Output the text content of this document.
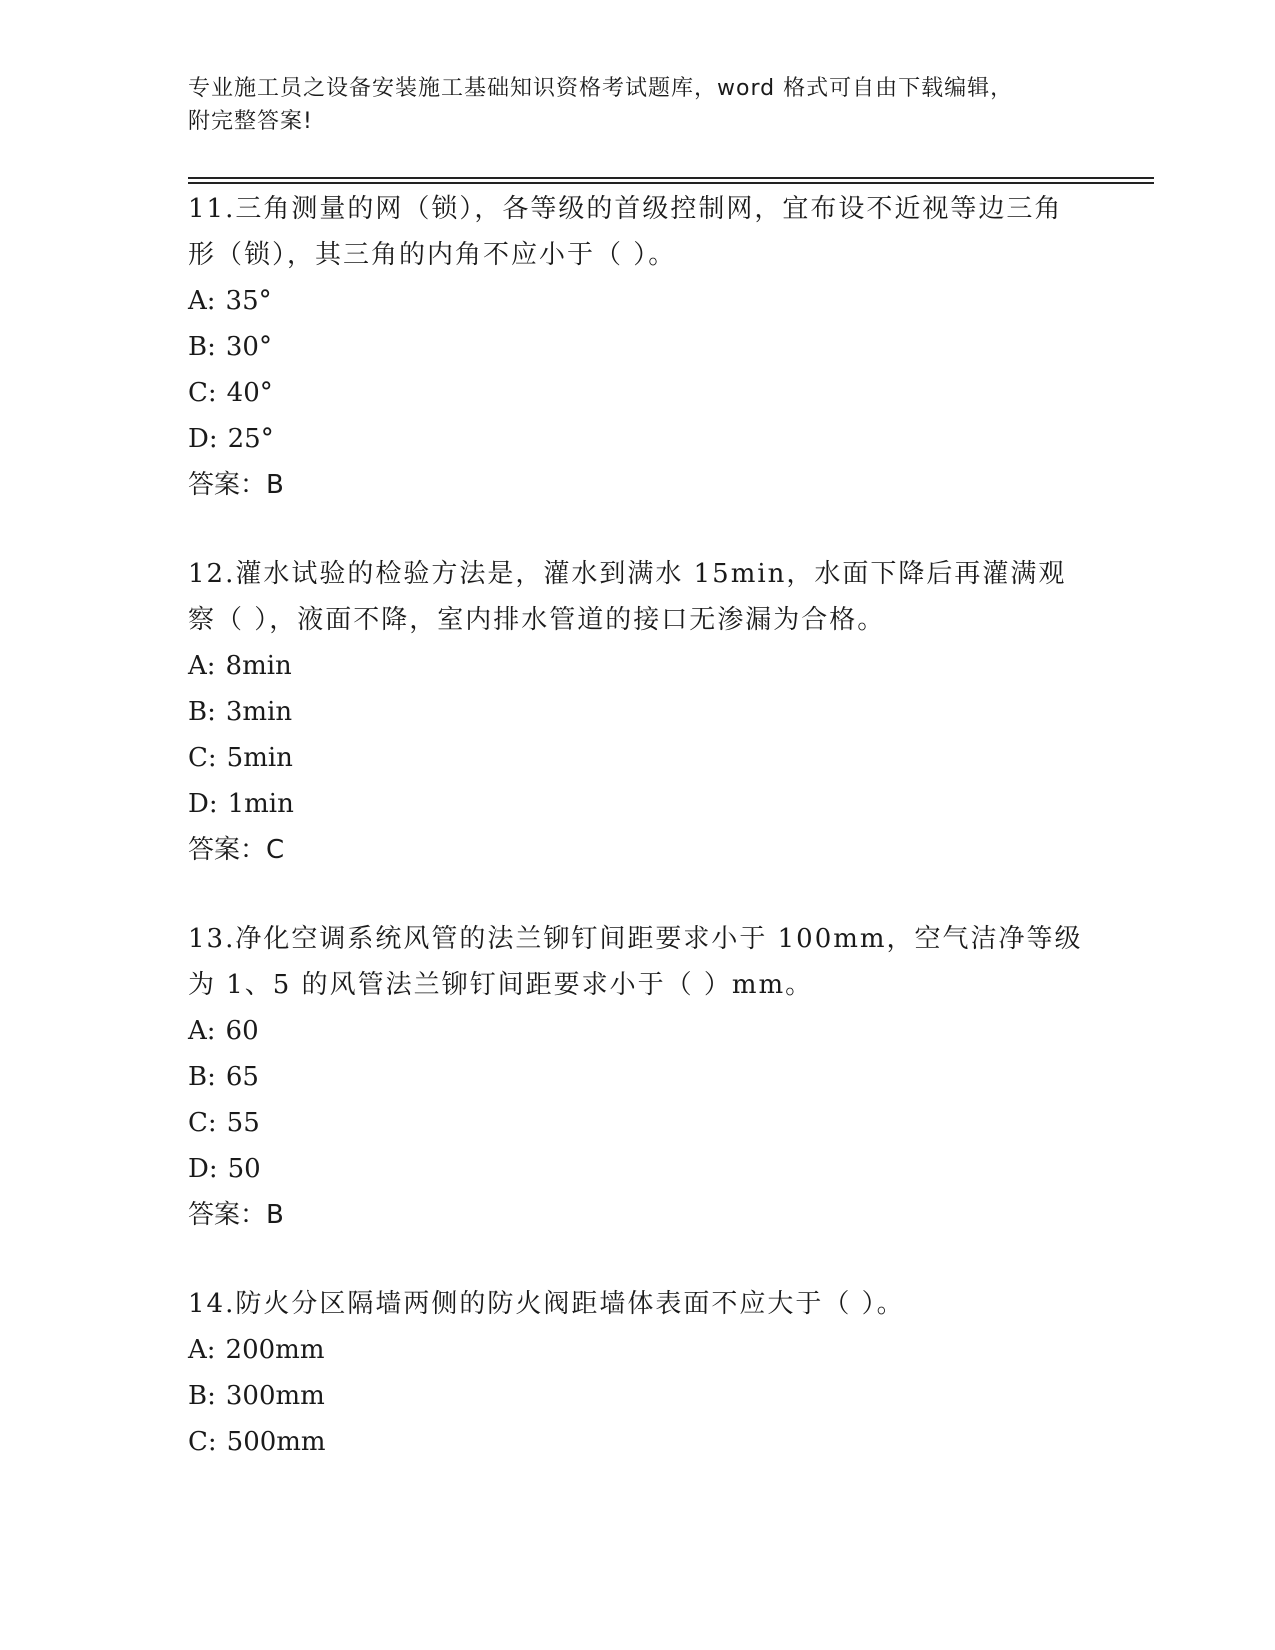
专业施工员之设备安装施工基础知识资格考试题库，word 格式可自由下载编辑，
附完整答案!

11.三角测量的网（锁），各等级的首级控制网，宜布设不近视等边三角形（锁），其三角的内角不应小于（ ）。

A: 35°
B: 30°
C: 40°
D: 25°
答案：B

12.灌水试验的检验方法是，灌水到满水 15min，水面下降后再灌满观察（ ），液面不降，室内排水管道的接口无渗漏为合格。

A: 8min
B: 3min
C: 5min
D: 1min
答案：C

13.净化空调系统风管的法兰铆钉间距要求小于 100mm，空气洁净等级为 1、5 的风管法兰铆钉间距要求小于（ ）mm。

A: 60
B: 65
C: 55
D: 50
答案：B

14.防火分区隔墙两侧的防火阀距墙体表面不应大于（ ）。

A: 200mm
B: 300mm
C: 500mm
